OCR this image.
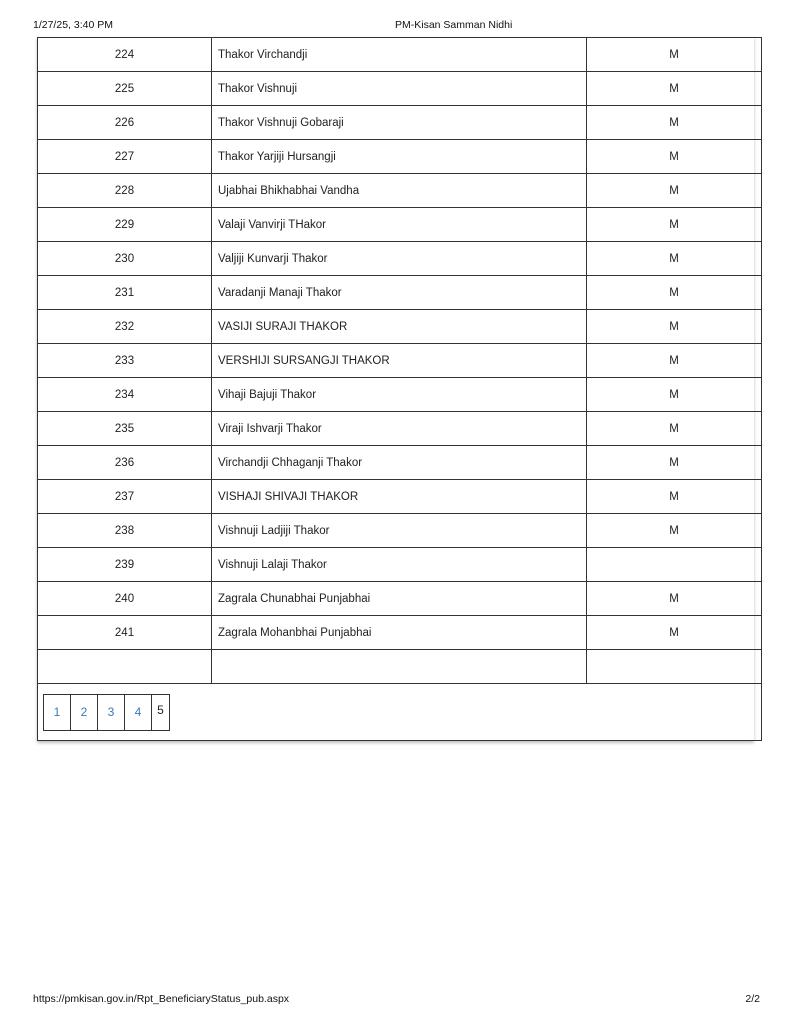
1/27/25, 3:40 PM	PM-Kisan Samman Nidhi
224	Thakor Virchandji	M
225	Thakor Vishnuji	M
226	Thakor Vishnuji Gobaraji	M
227	Thakor Yarjiji Hursangji	M
228	Ujabhai Bhikhabhai Vandha	M
229	Valaji Vanvirji THakor	M
230	Valjiji Kunvarji Thakor	M
231	Varadanji Manaji Thakor	M
232	VASIJI SURAJI THAKOR	M
233	VERSHIJI SURSANGJI THAKOR	M
234	Vihaji Bajuji Thakor	M
235	Viraji Ishvarji Thakor	M
236	Virchandji Chhaganji Thakor	M
237	VISHAJI SHIVAJI THAKOR	M
238	Vishnuji Ladjiji Thakor	M
239	Vishnuji Lalaji Thakor	
240	Zagrala Chunabhai Punjabhai	M
241	Zagrala Mohanbhai Punjabhai	M

1 2 3 4 5		
https://pmkisan.gov.in/Rpt_BeneficiaryStatus_pub.aspx	2/2
